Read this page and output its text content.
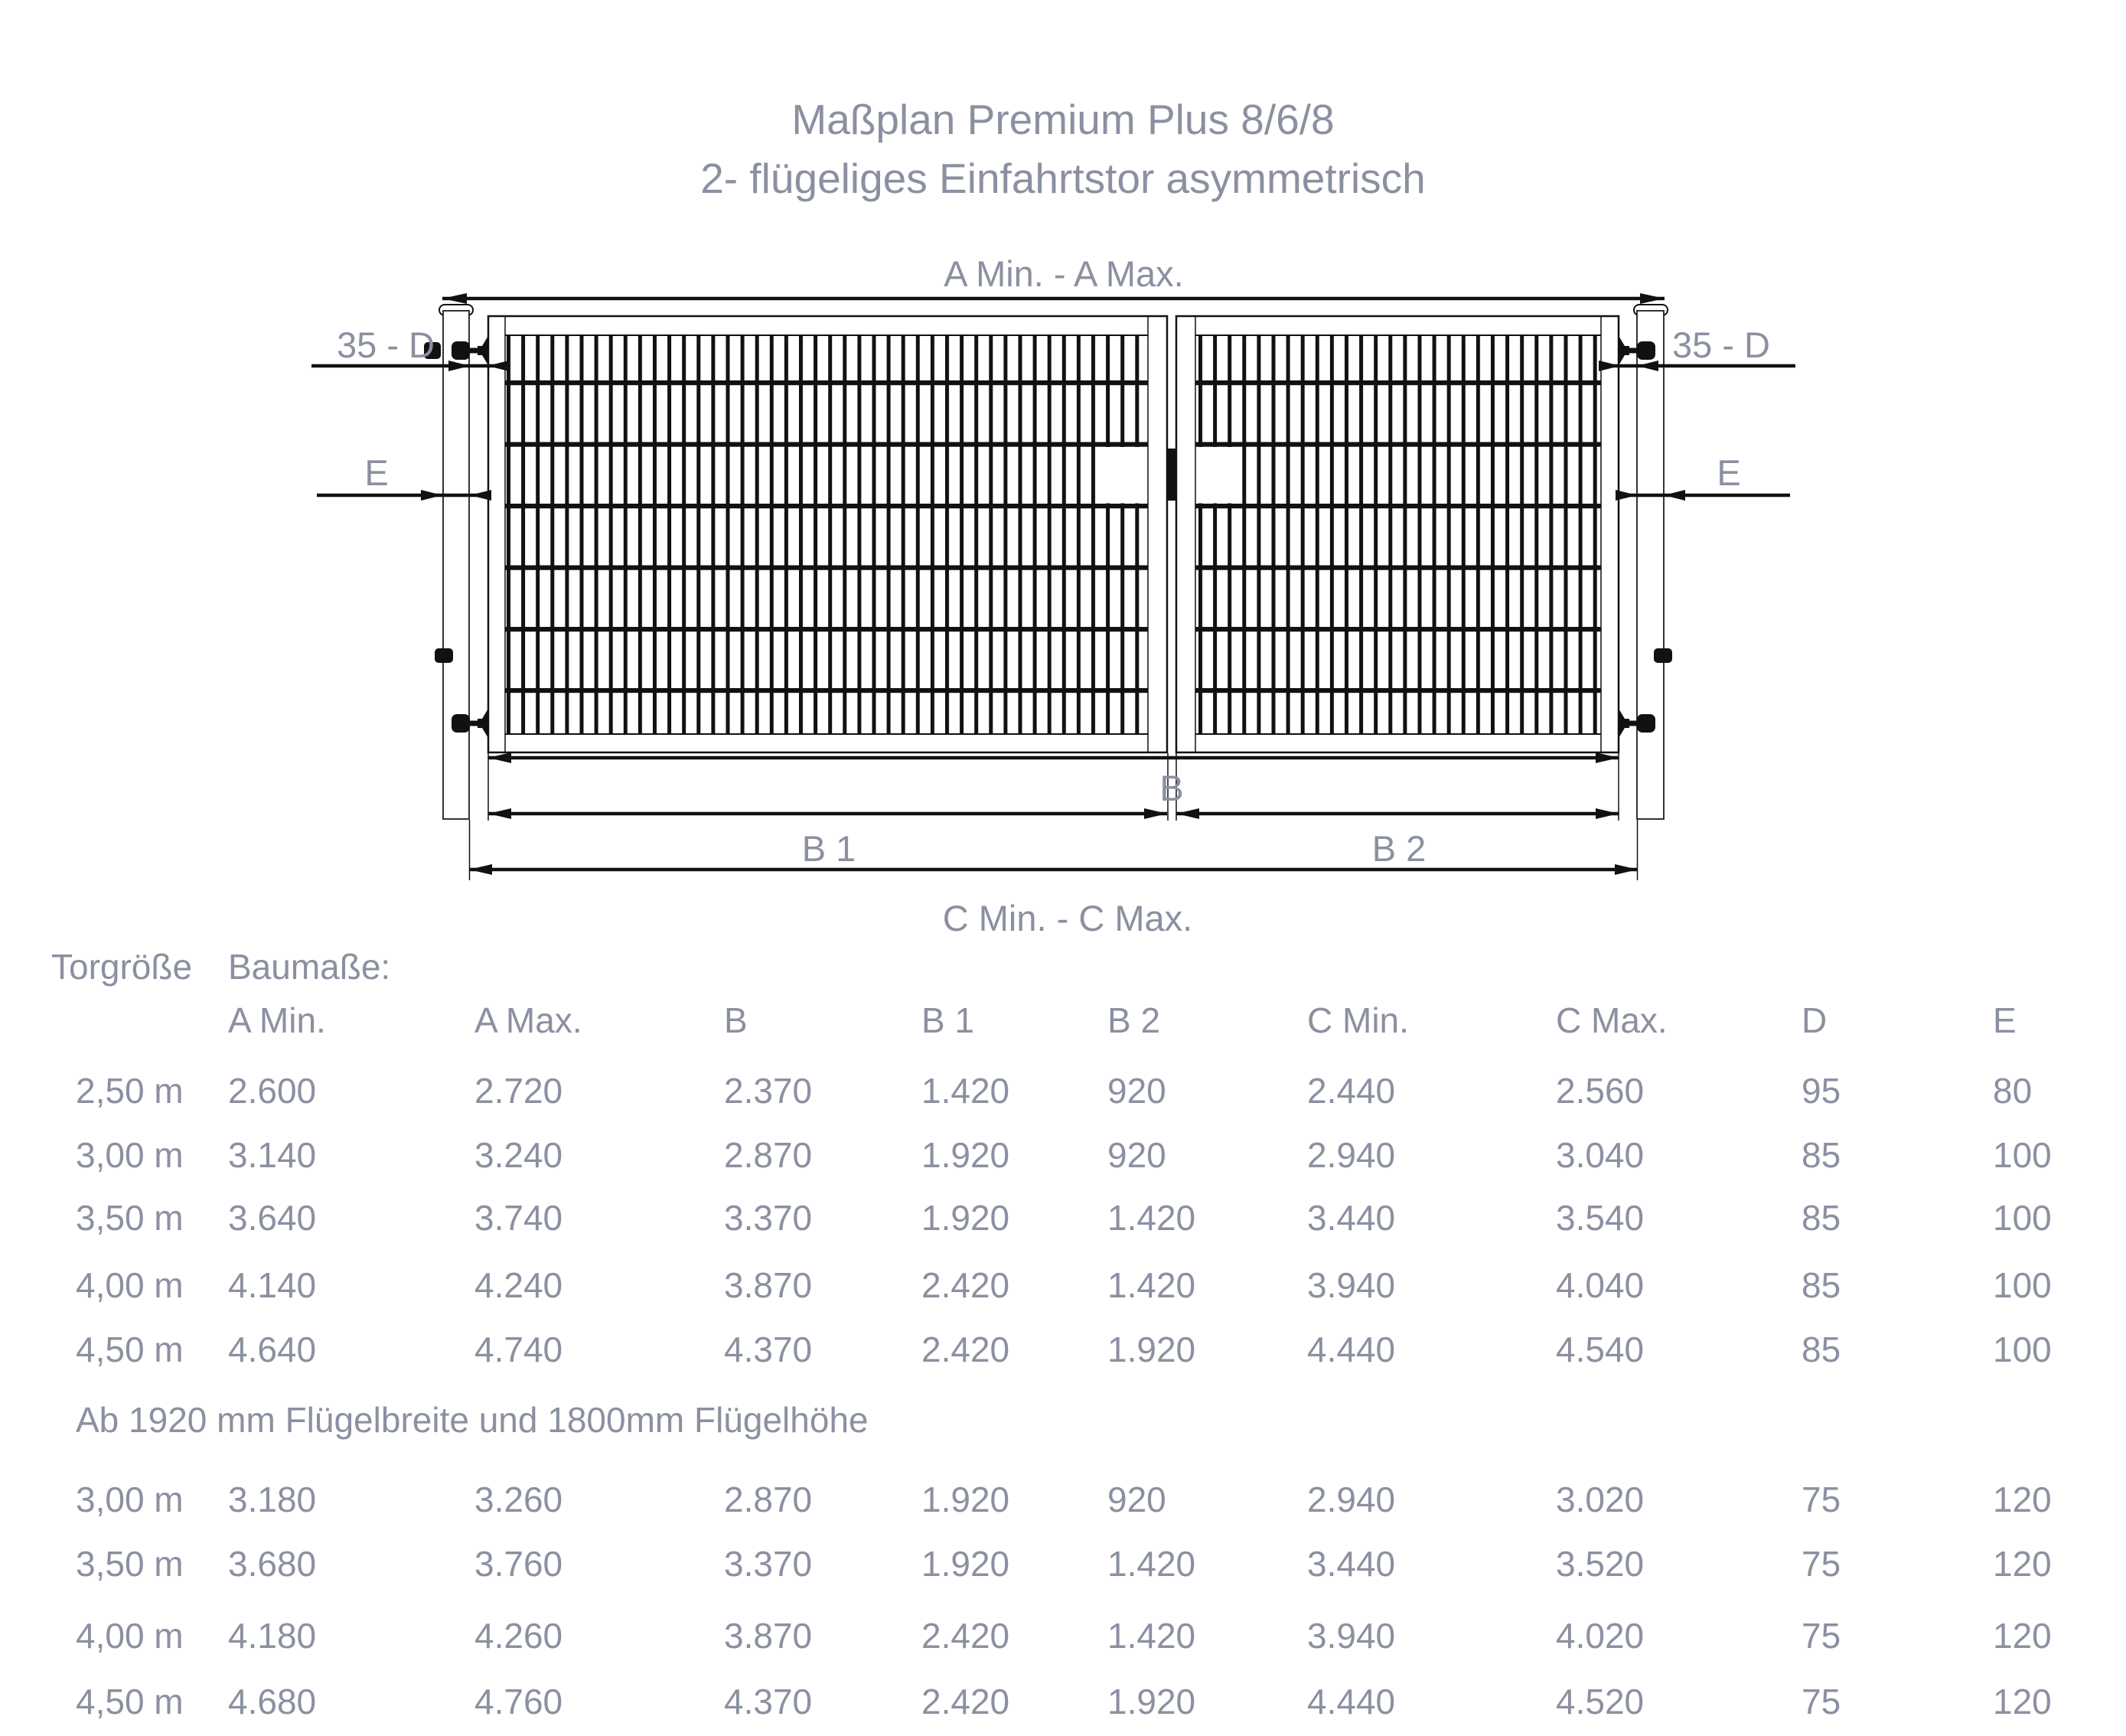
Maßplan Premium Plus 8/6/8
2- flügeliges Einfahrtstor asymmetrisch
A Min. - A Max.
35 - D	35 - D
E	E
B
B 1	B 2
C Min. - C Max.
Torgröße Baumaße:
A Min.	A Max.	B	B 1	B 2	C Min.	C Max.	D	E
2,50 m 2.600	2.720	2.370	1.420	920	2.440	2.560	95	80
3,00 m 3.140	3.240	2.870	1.920	920	2.940	3.040	85	100
3,50 m 3.640	3.740	3.370	1.920	1.420	3.440	3.540	85	100
4,00 m 4.140	4.240	3.870	2.420	1.420	3.940	4.040	85	100
4,50 m 4.640	4.740	4.370	2.420	1.920	4.440	4.540	85	100
Ab 1920 mm Flügelbreite und 1800mm Flügelhöhe
3,00 m 3.180	3.260	2.870	1.920	920	2.940	3.020	75	120
3,50 m 3.680	3.760	3.370	1.920	1.420	3.440	3.520	75	120
4,00 m 4.180	4.260	3.870	2.420	1.420	3.940	4.020	75	120
4,50 m 4.680	4.760	4.370	2.420	1.920	4.440	4.520	75	120
